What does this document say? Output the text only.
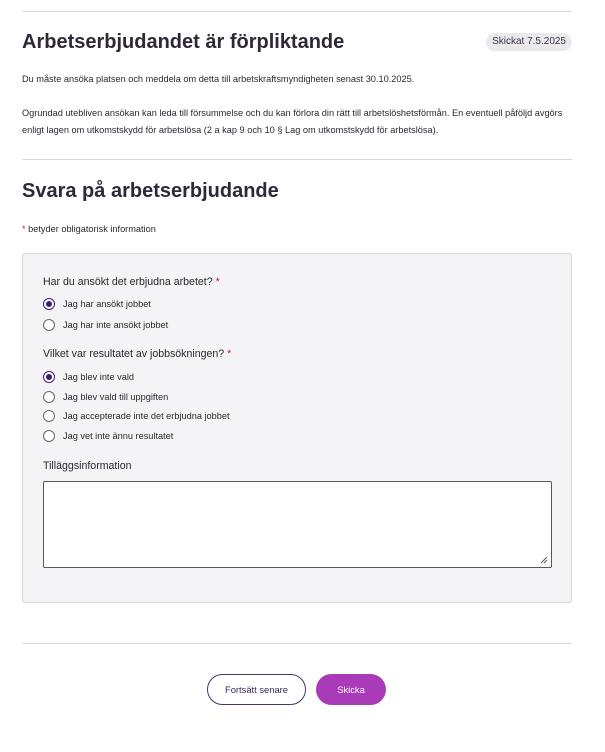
Arbetserbjudandet är förpliktande	Skickat 7.5.2025

Du måste ansöka platsen och meddela om detta till arbetskraftsmyndigheten senast 30.10.2025.

Ogrundad utebliven ansökan kan leda till försummelse och du kan förlora din rätt till arbetslöshetsförmån. En eventuell påföljd avgörs enligt lagen om utkomstskydd för arbetslösa (2 a kap 9 och 10 § Lag om utkomstskydd för arbetslösa).

Svara på arbetserbjudande

* betyder obligatorisk information

Har du ansökt det erbjudna arbetet? *
Jag har ansökt jobbet
Jag har inte ansökt jobbet
Vilket var resultatet av jobbsökningen? *
Jag blev inte vald
Jag blev vald till uppgiften
Jag accepterade inte det erbjudna jobbet
Jag vet inte ännu resultatet
Tilläggsinformation
Fortsätt senare	Skicka
